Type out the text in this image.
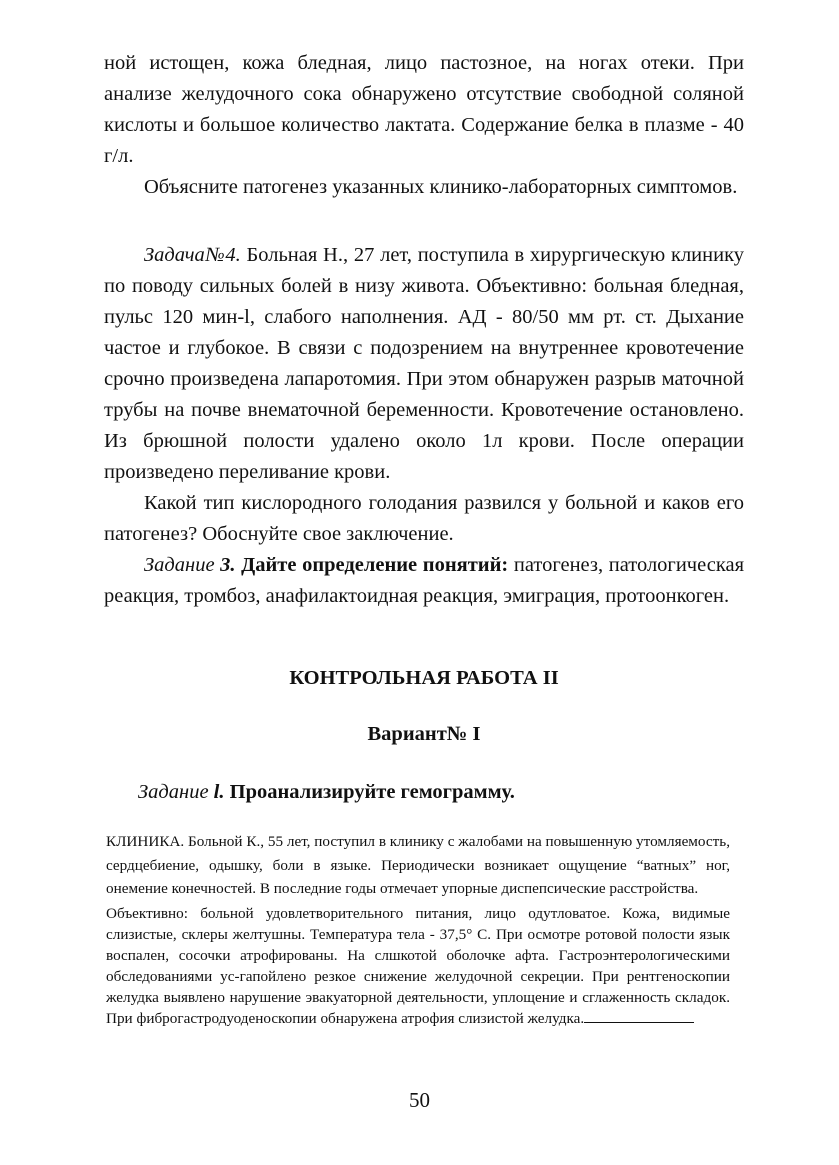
ной истощен, кожа бледная, лицо пастозное, на ногах отеки. При анализе желудочного сока обнаружено отсутствие свободной соляной кислоты и большое количество лактата. Содержание белка в плазме - 40 г/л.

Объясните патогенез указанных клинико-лабораторных симптомов.

Задача№4. Больная Н., 27 лет, поступила в хирургическую клинику по поводу сильных болей в низу живота. Объективно: больная бледная, пульс 120 мин-l, слабого наполнения. АД - 80/50 мм рт. ст. Дыхание частое и глубокое. В связи с подозрением на внутреннее кровотечение срочно произведена лапаротомия. При этом обнаружен разрыв маточной трубы на почве внематочной беременности. Кровотечение остановлено. Из брюшной полости удалено около 1л крови. После операции произведено переливание крови.

Какой тип кислородного голодания развился у больной и каков его патогенез? Обоснуйте свое заключение.

Задание 3. Дайте определение понятий: патогенез, патологическая реакция, тромбоз, анафилактоидная реакция, эмиграция, протоонкоген.

КОНТРОЛЬНАЯ РАБОТА II
Вариант№ I
Задание l. Проанализируйте гемограмму.

КЛИНИКА. Больной К., 55 лет, поступил в клинику с жалобами на повышенную утомляемость, сердцебиение, одышку, боли в языке. Периодически возникает ощущение “ватных” ног, онемение конечностей. В последние годы отмечает упорные диспепсические расстройства.

Объективно: больной удовлетворительного питания, лицо одутловатое. Кожа, видимые слизистые, склеры желтушны. Температура тела - 37,5° С. При осмотре ротовой полости язык воспален, сосочки атрофированы. На слшкотой оболочке афта. Гастроэнтерологическими обследованиями ус-гапойлено резкое снижение желудочной секреции. При рентгеноскопии желудка выявлено нарушение эвакуаторной деятельности, уплощение и сглаженность складок. При фиброгастродуоденоскопии обнаружена атрофия слизистой желудка.

50
